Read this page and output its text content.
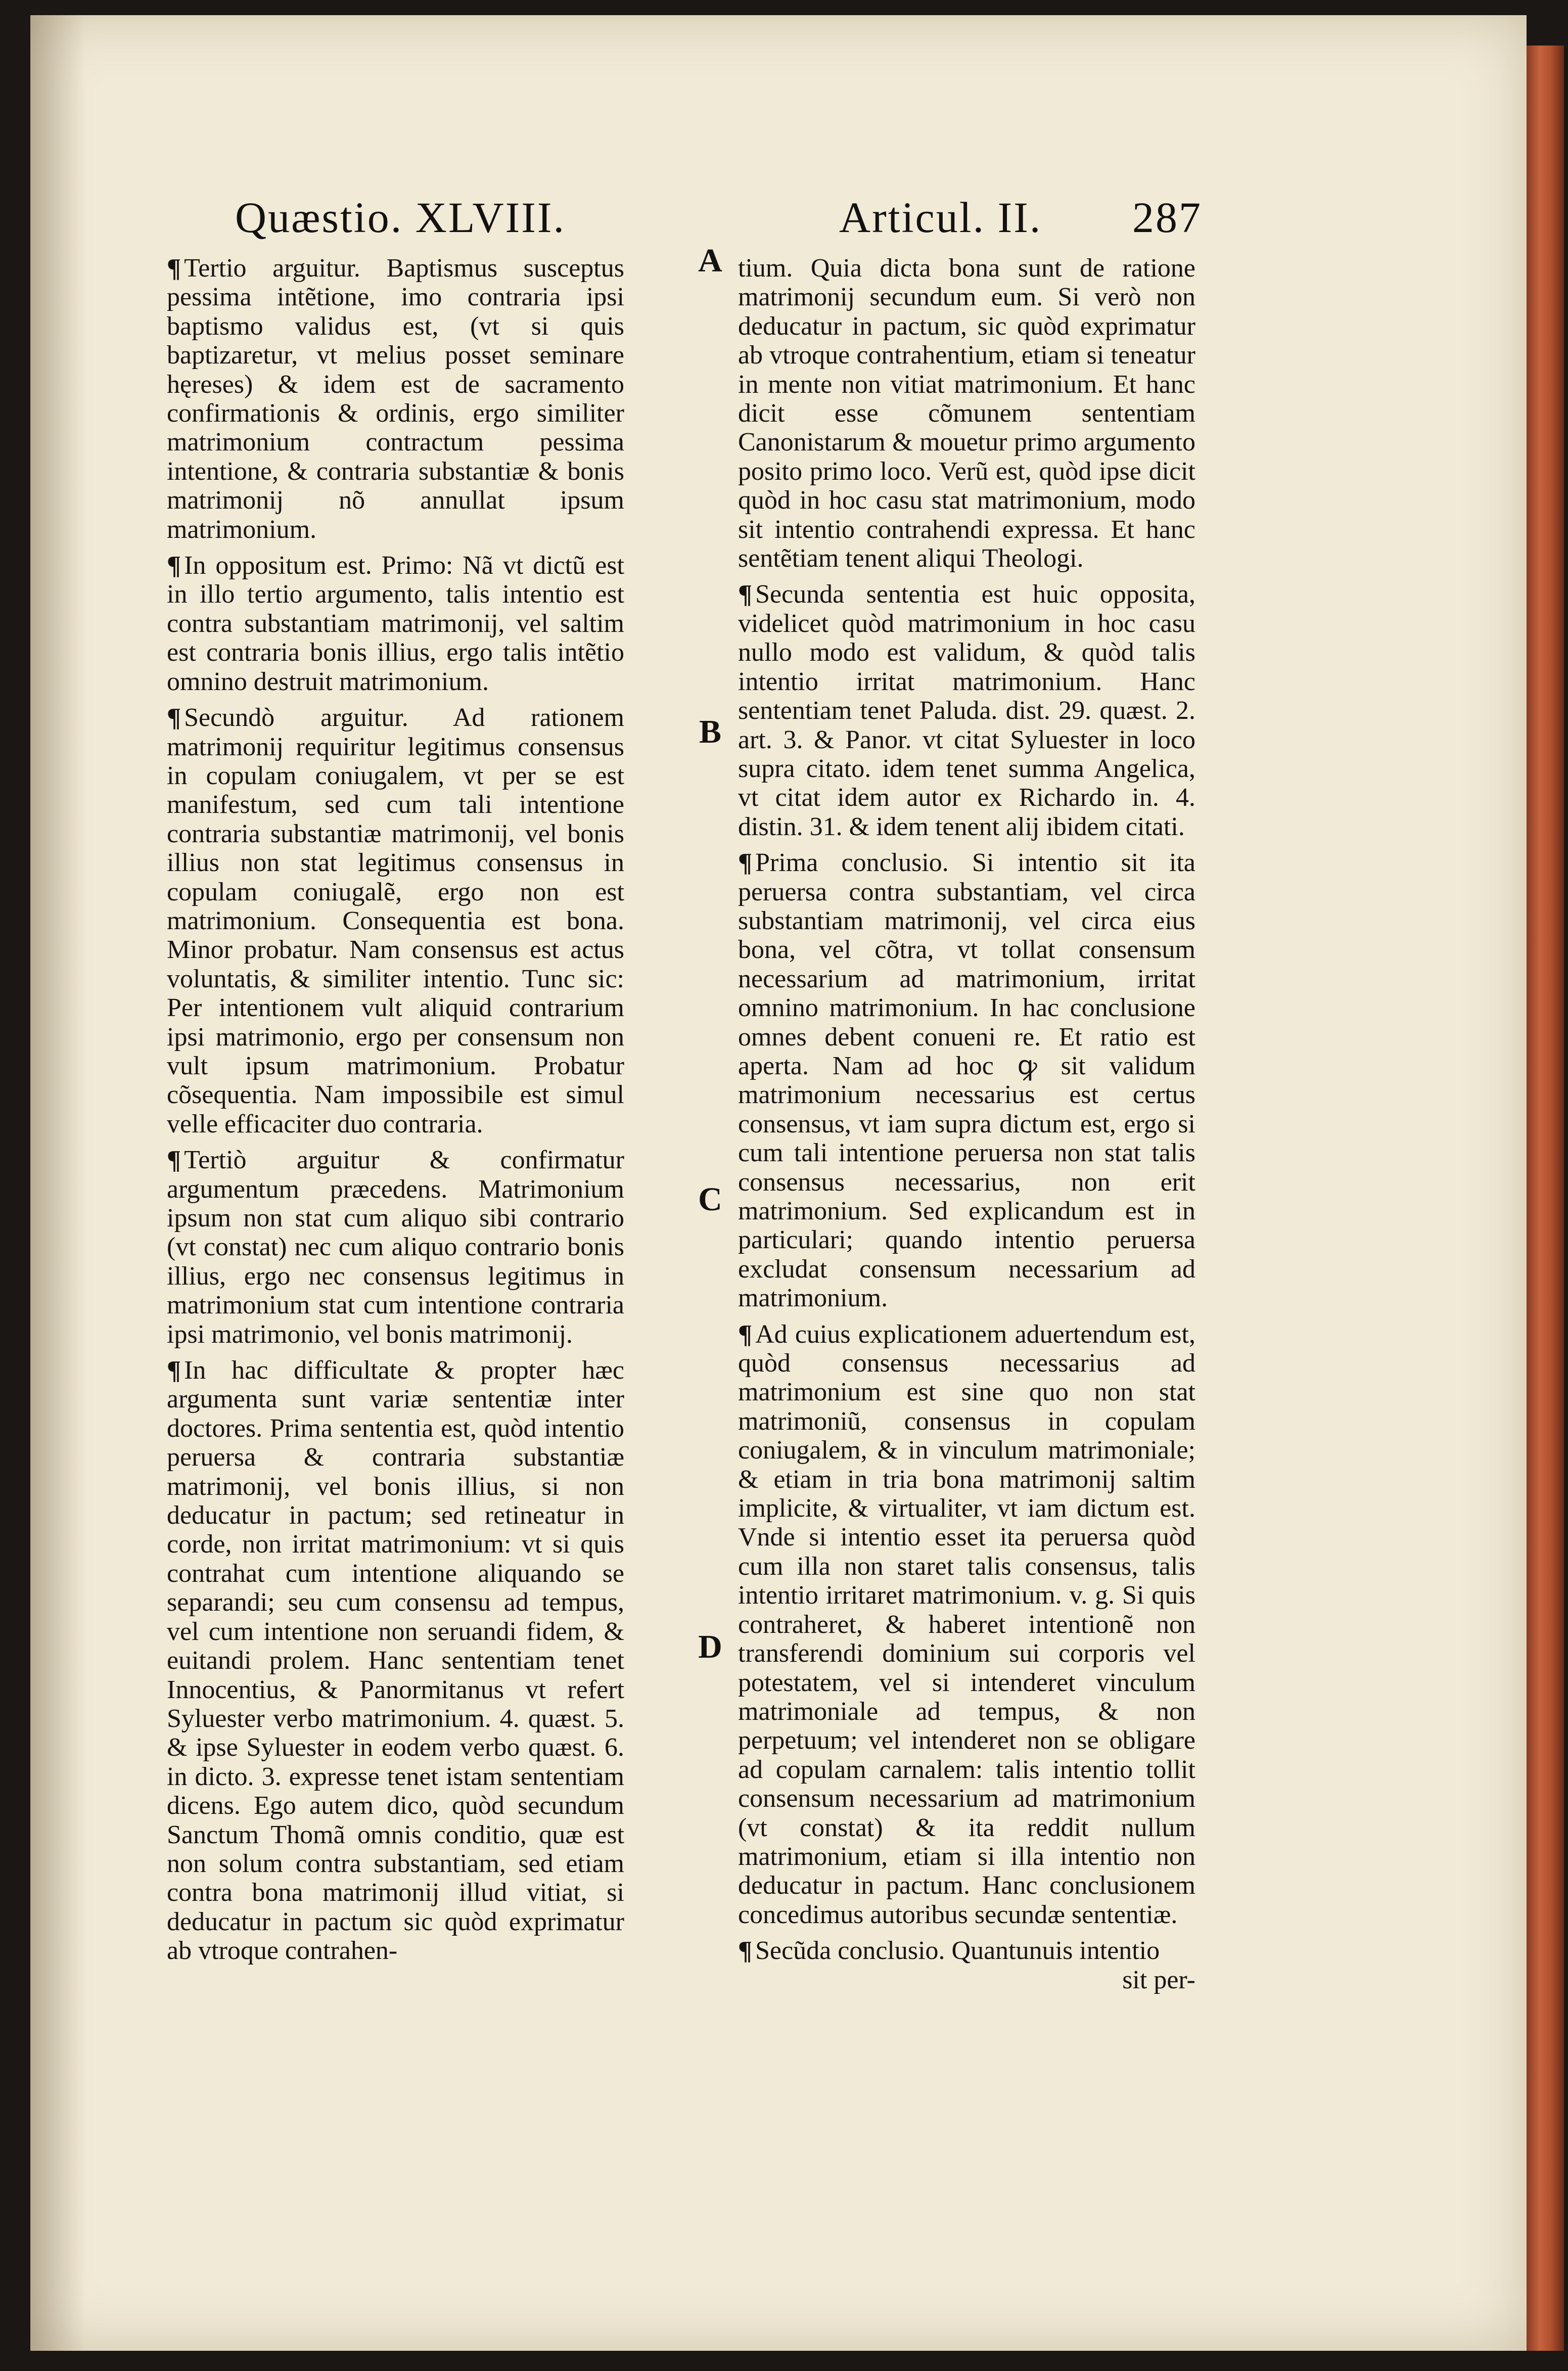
Quæstio. XLVIII.	Articul. II. 287
A
B
C
D

¶ Tertio arguitur. Baptismus susceptus pessima intẽtione, imo contraria ipsi baptismo validus est, (vt si quis baptizaretur, vt melius posset seminare hęreses) & idem est de sacramento confirmationis & ordinis, ergo similiter matrimonium contractum pessima intentione, & contraria substantiæ & bonis matrimonij nõ annullat ipsum matrimonium.

¶ In oppositum est. Primo: Nã vt dictũ est in illo tertio argumento, talis intentio est contra substantiam matrimonij, vel saltim est contraria bonis illius, ergo talis intẽtio omnino destruit matrimonium.

¶ Secundò arguitur. Ad rationem matrimonij requiritur legitimus consensus in copulam coniugalem, vt per se est manifestum, sed cum tali intentione contraria substantiæ matrimonij, vel bonis illius non stat legitimus consensus in copulam coniugalẽ, ergo non est matrimonium. Consequentia est bona. Minor probatur. Nam consensus est actus voluntatis, & similiter intentio. Tunc sic: Per intentionem vult aliquid contrarium ipsi matrimonio, ergo per consensum non vult ipsum matrimonium. Probatur cõsequentia. Nam impossibile est simul velle efficaciter duo contraria.

¶ Tertiò arguitur & confirmatur argumentum præcedens. Matrimonium ipsum non stat cum aliquo sibi contrario (vt constat) nec cum aliquo contrario bonis illius, ergo nec consensus legitimus in matrimonium stat cum intentione contraria ipsi matrimonio, vel bonis matrimonij.

¶ In hac difficultate & propter hæc argumenta sunt variæ sententiæ inter doctores. Prima sententia est, quòd intentio peruersa & contraria substantiæ matrimonij, vel bonis illius, si non deducatur in pactum; sed retineatur in corde, non irritat matrimonium: vt si quis contrahat cum intentione aliquando se separandi; seu cum consensu ad tempus, vel cum intentione non seruandi fidem, & euitandi prolem. Hanc sententiam tenet Innocentius, & Panormitanus vt refert Syluester verbo matrimonium. 4. quæst. 5. & ipse Syluester in eodem verbo quæst. 6. in dicto. 3. expresse tenet istam sententiam dicens. Ego autem dico, quòd secundum Sanctum Thomã omnis conditio, quæ est non solum contra substantiam, sed etiam contra bona matrimonij illud vitiat, si deducatur in pactum sic quòd exprimatur ab vtroque contrahen-

tium. Quia dicta bona sunt de ratione matrimonij secundum eum. Si verò non deducatur in pactum, sic quòd exprimatur ab vtroque contrahentium, etiam si teneatur in mente non vitiat matrimonium. Et hanc dicit esse cõmunem sententiam Canonistarum & mouetur primo argumento posito primo loco. Verũ est, quòd ipse dicit quòd in hoc casu stat matrimonium, modo sit intentio contrahendi expressa. Et hanc sentẽtiam tenent aliqui Theologi.

¶ Secunda sententia est huic opposita, videlicet quòd matrimonium in hoc casu nullo modo est validum, & quòd talis intentio irritat matrimonium. Hanc sententiam tenet Paluda. dist. 29. quæst. 2. art. 3. & Panor. vt citat Syluester in loco supra citato. idem tenet summa Angelica, vt citat idem autor ex Richardo in. 4. distin. 31. & idem tenent alij ibidem citati.

¶ Prima conclusio. Si intentio sit ita peruersa contra substantiam, vel circa substantiam matrimonij, vel circa eius bona, vel cõtra, vt tollat consensum necessarium ad matrimonium, irritat omnino matrimonium. In hac conclusione omnes debent conueni re. Et ratio est aperta. Nam ad hoc ꝙ sit validum matrimonium necessarius est certus consensus, vt iam supra dictum est, ergo si cum tali intentione peruersa non stat talis consensus necessarius, non erit matrimonium. Sed explicandum est in particulari; quando intentio peruersa excludat consensum necessarium ad matrimonium.

¶ Ad cuius explicationem aduertendum est, quòd consensus necessarius ad matrimonium est sine quo non stat matrimoniũ, consensus in copulam coniugalem, & in vinculum matrimoniale; & etiam in tria bona matrimonij saltim implicite, & virtualiter, vt iam dictum est. Vnde si intentio esset ita peruersa quòd cum illa non staret talis consensus, talis intentio irritaret matrimonium. v. g. Si quis contraheret, & haberet intentionẽ non transferendi dominium sui corporis vel potestatem, vel si intenderet vinculum matrimoniale ad tempus, & non perpetuum; vel intenderet non se obligare ad copulam carnalem: talis intentio tollit consensum necessarium ad matrimonium (vt constat) & ita reddit nullum matrimonium, etiam si illa intentio non deducatur in pactum. Hanc conclusionem concedimus autoribus secundæ sententiæ.

¶ Secũda conclusio. Quantunuis intentio

sit per-
